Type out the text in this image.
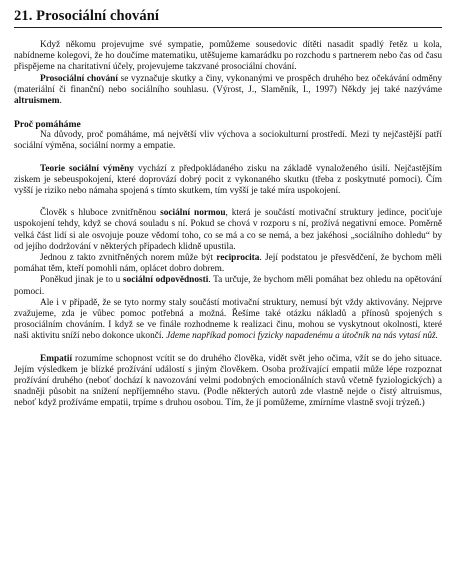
21. Prosociální chování

Když někomu projevujme své sympatie, pomůžeme sousedovic dítěti nasadit spadlý řetěz u kola, nabídneme kolegovi, že ho doučíme matematiku, utěšujeme kamarádku po rozchodu s partnerem nebo čas od času přispějeme na charitativní účely, projevujeme takzvané prosociální chování.

Prosociální chování se vyznačuje skutky a činy, vykonanými ve prospěch druhého bez očekávání odměny (materiální či finanční) nebo sociálního souhlasu. (Výrost, J., Slaměník, I., 1997) Někdy jej také nazýváme altruismem.

Proč pomáháme

Na důvody, proč pomáháme, má největší vliv výchova a sociokulturní prostředí. Mezi ty nejčastější patří sociální výměna, sociální normy a empatie.

Teorie sociální výměny vychází z předpokládaného zisku na základě vynaloženého úsilí. Nejčastějším ziskem je sebeuspokojení, které doprovází dobrý pocit z vykonaného skutku (třeba z poskytnuté pomoci). Čím vyšší je riziko nebo námaha spojená s tímto skutkem, tím vyšší je také míra uspokojení.

Člověk s hluboce zvnitřněnou sociální normou, která je součástí motivační struktury jedince, pociťuje uspokojení tehdy, když se chová souladu s ní. Pokud se chová v rozporu s ní, prožívá negativní emoce. Poměrně velká část lidí si ale osvojuje pouze vědomí toho, co se má a co se nemá, a bez jakéhosi „sociálního dohledu“ by od jejího dodržování v některých případech klidně upustila.

Jednou z takto zvnitřněných norem může být reciprocita. Její podstatou je přesvědčení, že bychom měli pomáhat těm, kteří pomohli nám, oplácet dobro dobrem.

Poněkud jinak je to u sociální odpovědnosti. Ta určuje, že bychom měli pomáhat bez ohledu na opětování pomoci.

Ale i v případě, že se tyto normy staly součástí motivační struktury, nemusí být vždy aktivovány. Nejprve zvažujeme, zda je vůbec pomoc potřebná a možná. Řešíme také otázku nákladů a přínosů spojených s prosociálním chováním. I když se ve finále rozhodneme k realizaci činu, mohou se vyskytnout okolnosti, které naši aktivitu sníží nebo dokonce ukončí. Jdeme napříkad pomoci fyzicky napadenému a útočník na nás vytasí nůž.

Empatií rozumíme schopnost vcítit se do druhého člověka, vidět svět jeho očima, vžít se do jeho situace. Jejím výsledkem je blízké prožívání událostí s jiným člověkem. Osoba prožívající empatii může lépe rozpoznat prožívání druhého (neboť dochází k navozování velmi podobných emocionálních stavů včetně fyziologických) a snadněji působit na snížení nepříjemného stavu. (Podle některých autorů zde vlastně nejde o čistý altruismus, neboť když prožíváme empatii, trpíme s druhou osobou. Tím, že jí pomůžeme, zmírníme vlastně svoji trýzeň.)
